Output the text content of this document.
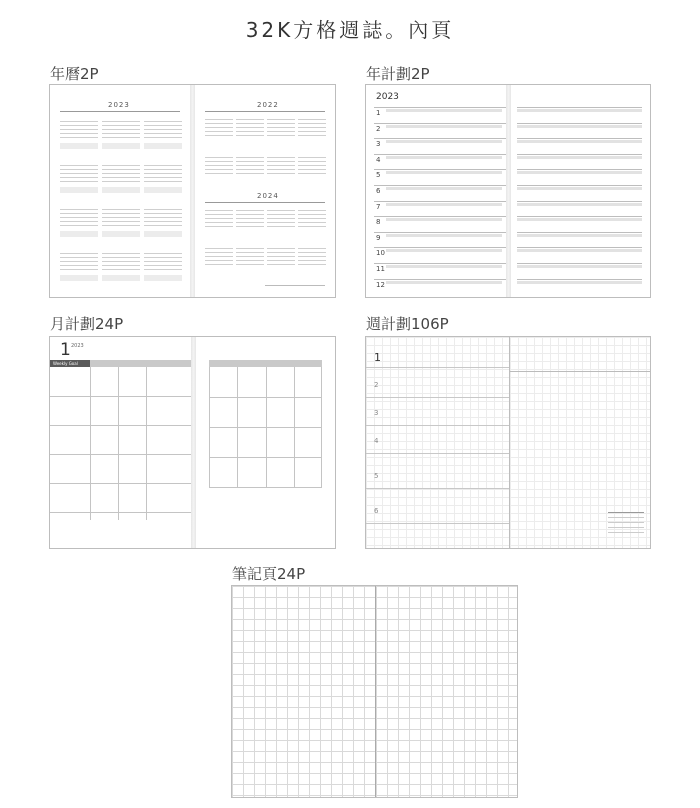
32K方格週誌。內頁
年曆2P
2023	2022
2024
年計劃2P
2023
1
2
3
4
5
6
7
8
9
10
11
12
月計劃24P
1 2023
Weekly Goal
週計劃106P
1
2
3
4
5
6
筆記頁24P
